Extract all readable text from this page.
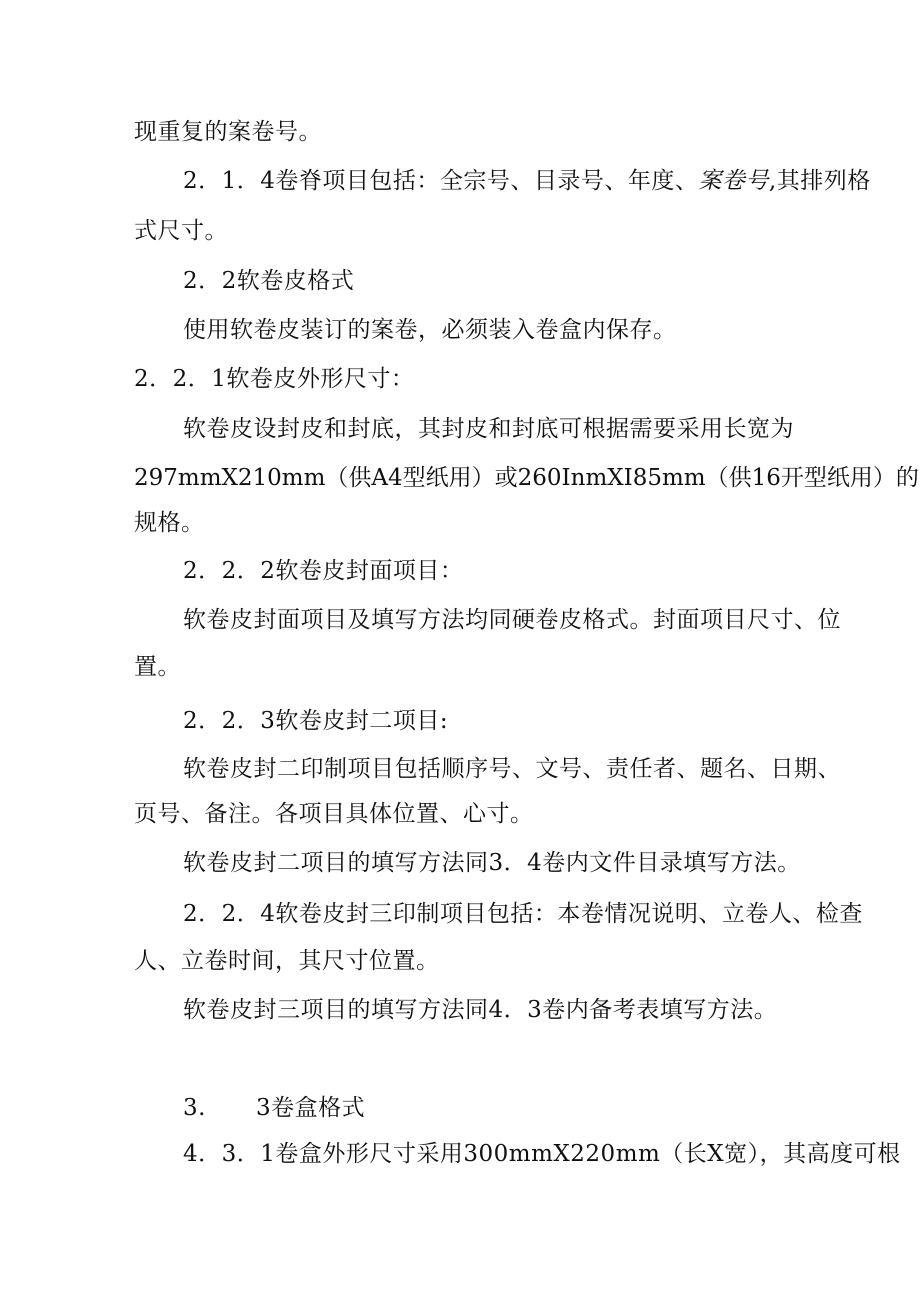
现重复的案卷号。
2．1．4卷脊项目包括：全宗号、目录号、年度、案卷号,其排列格
式尺寸。
2．2软卷皮格式
使用软卷皮装订的案卷，必须装入卷盒内保存。
2．2．1软卷皮外形尺寸：
软卷皮设封皮和封底，其封皮和封底可根据需要采用长宽为
297mmX210mm（供A4型纸用）或260InmXI85mm（供16开型纸用）的
规格。
2．2．2软卷皮封面项目：
软卷皮封面项目及填写方法均同硬卷皮格式。封面项目尺寸、位
置。
2．2．3软卷皮封二项目:
软卷皮封二印制项目包括顺序号、文号、责任者、题名、日期、
页号、备注。各项目具体位置、心寸。
软卷皮封二项目的填写方法同3．4卷内文件目录填写方法。
2．2．4软卷皮封三印制项目包括：本卷情况说明、立卷人、检查
人、立卷时间，其尺寸位置。
软卷皮封三项目的填写方法同4．3卷内备考表填写方法。
3. 3卷盒格式
4．3．1卷盒外形尺寸采用300mmX220mm（长X宽），其高度可根
